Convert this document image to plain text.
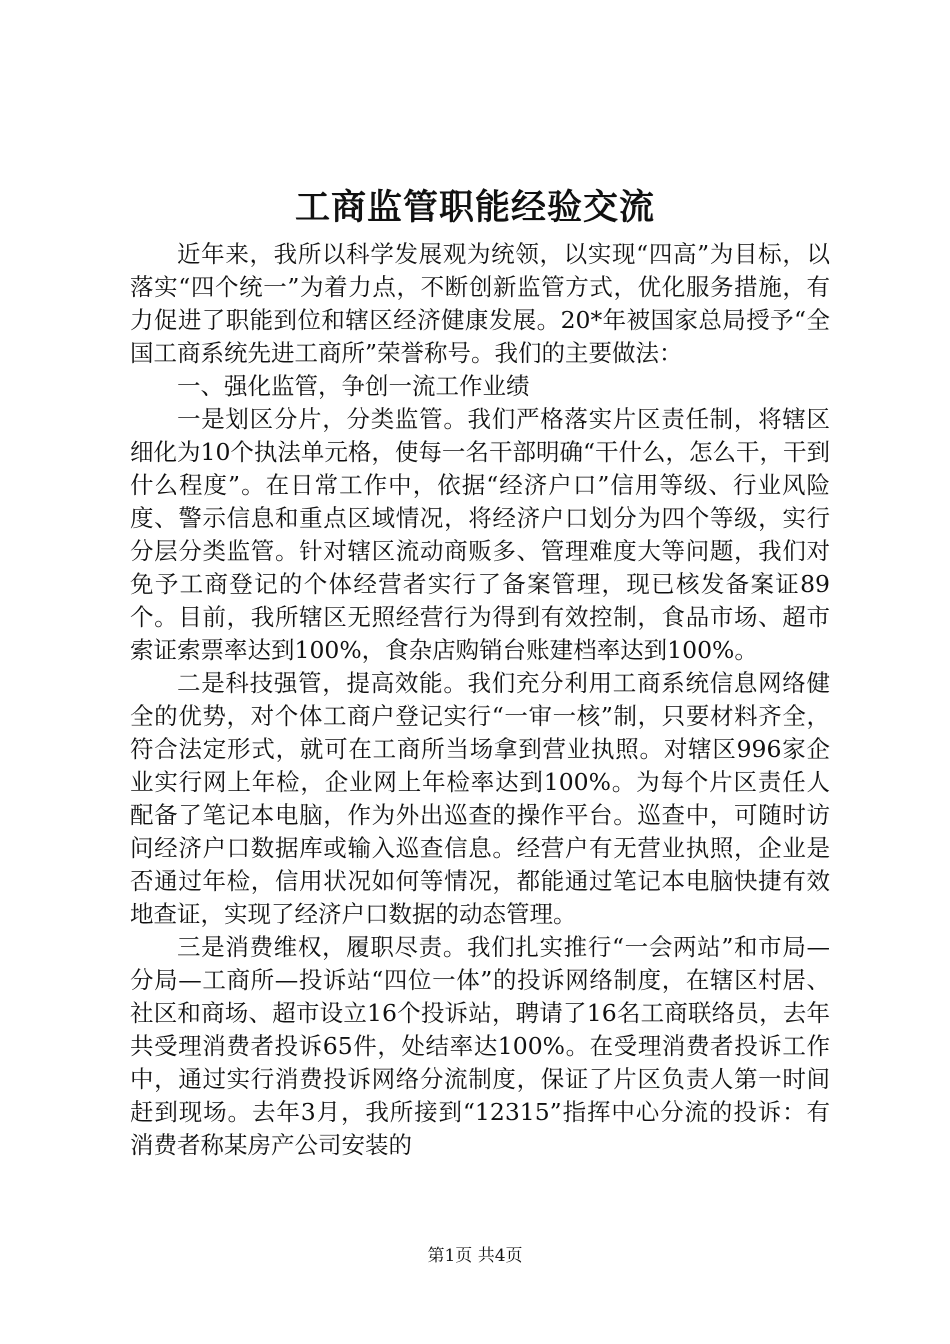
工商监管职能经验交流

近年来，我所以科学发展观为统领，以实现“四高”为目标，以落实“四个统一”为着力点，不断创新监管方式，优化服务措施，有力促进了职能到位和辖区经济健康发展。20*年被国家总局授予“全国工商系统先进工商所”荣誉称号。我们的主要做法：

一、强化监管，争创一流工作业绩

一是划区分片，分类监管。我们严格落实片区责任制，将辖区细化为10个执法单元格，使每一名干部明确“干什么，怎么干，干到什么程度”。在日常工作中，依据“经济户口”信用等级、行业风险度、警示信息和重点区域情况，将经济户口划分为四个等级，实行分层分类监管。针对辖区流动商贩多、管理难度大等问题，我们对免予工商登记的个体经营者实行了备案管理，现已核发备案证89个。目前，我所辖区无照经营行为得到有效控制，食品市场、超市索证索票率达到100%，食杂店购销台账建档率达到100%。

二是科技强管，提高效能。我们充分利用工商系统信息网络健全的优势，对个体工商户登记实行“一审一核”制，只要材料齐全，符合法定形式，就可在工商所当场拿到营业执照。对辖区996家企业实行网上年检，企业网上年检率达到100%。为每个片区责任人配备了笔记本电脑，作为外出巡查的操作平台。巡查中，可随时访问经济户口数据库或输入巡查信息。经营户有无营业执照，企业是否通过年检，信用状况如何等情况，都能通过笔记本电脑快捷有效地查证，实现了经济户口数据的动态管理。

三是消费维权，履职尽责。我们扎实推行“一会两站”和市局—分局—工商所—投诉站“四位一体”的投诉网络制度，在辖区村居、社区和商场、超市设立16个投诉站，聘请了16名工商联络员，去年共受理消费者投诉65件，处结率达100%。在受理消费者投诉工作中，通过实行消费投诉网络分流制度，保证了片区负责人第一时间赶到现场。去年3月，我所接到“12315”指挥中心分流的投诉：有消费者称某房产公司安装的

第1页 共4页
